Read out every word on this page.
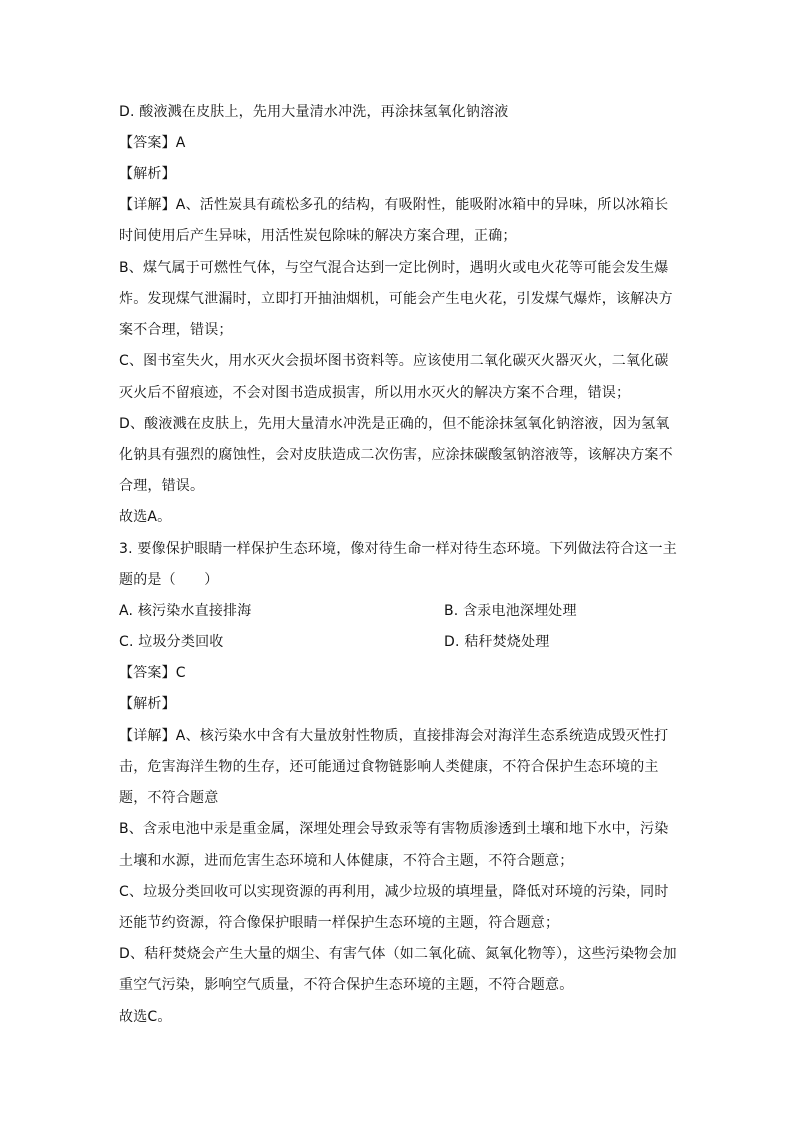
D. 酸液溅在皮肤上，先用大量清水冲洗，再涂抹氢氧化钠溶液
【答案】A
【解析】
【详解】A、活性炭具有疏松多孔的结构，有吸附性，能吸附冰箱中的异味，所以冰箱长
时间使用后产生异味，用活性炭包除味的解决方案合理，正确；
B、煤气属于可燃性气体，与空气混合达到一定比例时，遇明火或电火花等可能会发生爆
炸。发现煤气泄漏时，立即打开抽油烟机，可能会产生电火花，引发煤气爆炸，该解决方
案不合理，错误；
C、图书室失火，用水灭火会损坏图书资料等。应该使用二氧化碳灭火器灭火，二氧化碳
灭火后不留痕迹，不会对图书造成损害，所以用水灭火的解决方案不合理，错误；
D、酸液溅在皮肤上，先用大量清水冲洗是正确的，但不能涂抹氢氧化钠溶液，因为氢氧
化钠具有强烈的腐蚀性，会对皮肤造成二次伤害，应涂抹碳酸氢钠溶液等，该解决方案不
合理，错误。
故选A。
3. 要像保护眼睛一样保护生态环境，像对待生命一样对待生态环境。下列做法符合这一主
题的是（　　）
A. 核污染水直接排海	B. 含汞电池深埋处理
C. 垃圾分类回收	D. 秸秆焚烧处理
【答案】C
【解析】
【详解】A、核污染水中含有大量放射性物质，直接排海会对海洋生态系统造成毁灭性打
击，危害海洋生物的生存，还可能通过食物链影响人类健康，不符合保护生态环境的主
题，不符合题意
B、含汞电池中汞是重金属，深埋处理会导致汞等有害物质渗透到土壤和地下水中，污染
土壤和水源，进而危害生态环境和人体健康，不符合主题，不符合题意；
C、垃圾分类回收可以实现资源的再利用，减少垃圾的填埋量，降低对环境的污染，同时
还能节约资源，符合像保护眼睛一样保护生态环境的主题，符合题意；
D、秸秆焚烧会产生大量的烟尘、有害气体（如二氧化硫、氮氧化物等），这些污染物会加
重空气污染，影响空气质量，不符合保护生态环境的主题，不符合题意。
故选C。
